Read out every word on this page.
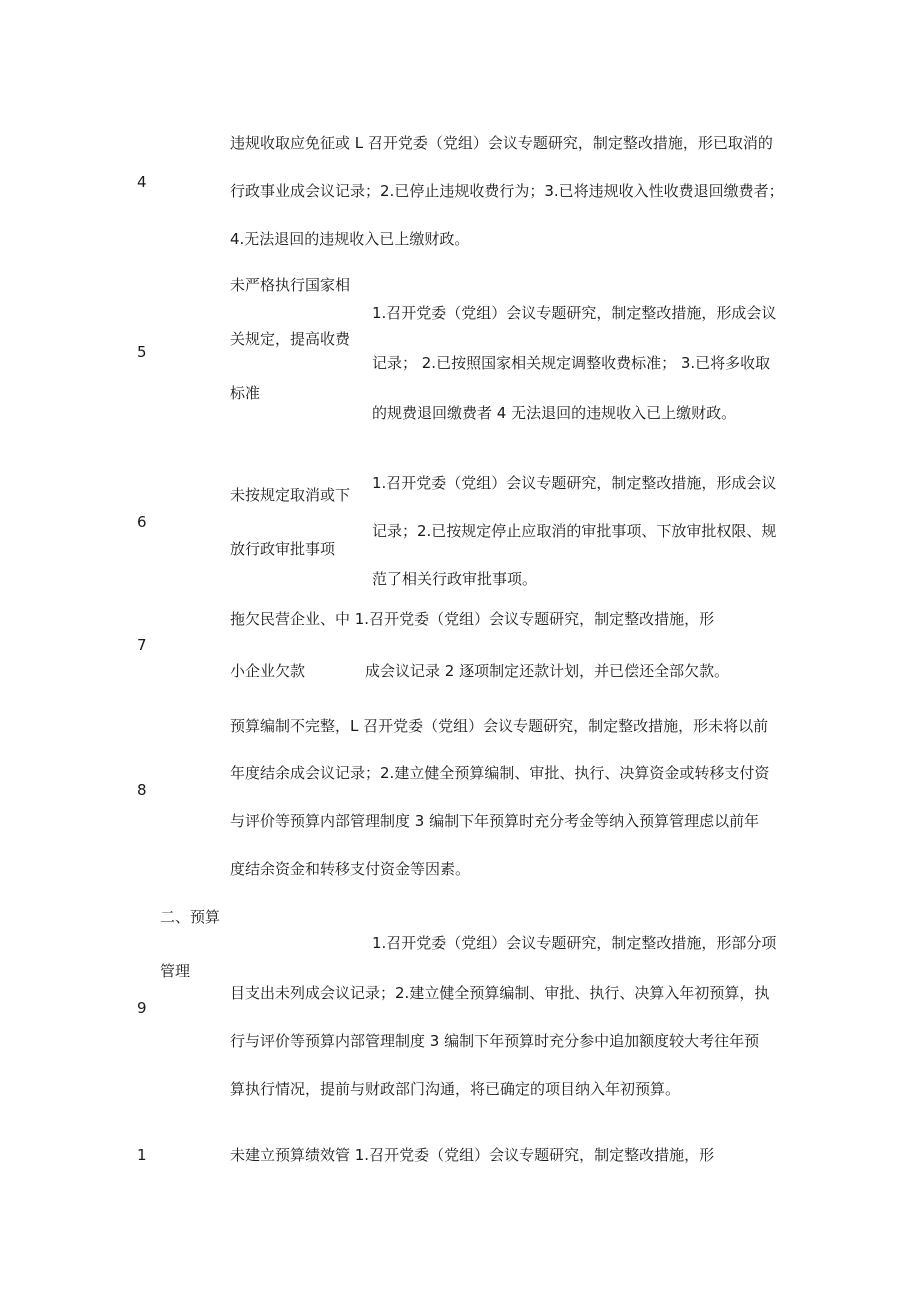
4

违规收取应免征或 L 召开党委（党组）会议专题研究，制定整改措施，形已取消的

行政事业成会议记录；2.已停止违规收费行为；3.已将违规收入性收费退回缴费者；

4.无法退回的违规收入已上缴财政。

5

未严格执行国家相

关规定，提高收费

标准

1.召开党委（党组）会议专题研究，制定整改措施，形成会议

记录； 2.已按照国家相关规定调整收费标准； 3.已将多收取

的规费退回缴费者 4 无法退回的违规收入已上缴财政。

6

未按规定取消或下

放行政审批事项

1.召开党委（党组）会议专题研究，制定整改措施，形成会议

记录；2.已按规定停止应取消的审批事项、下放审批权限、规

范了相关行政审批事项。

7

拖欠民营企业、中 1.召开党委（党组）会议专题研究，制定整改措施，形

小企业欠款	成会议记录 2 逐项制定还款计划，并已偿还全部欠款。

8

预算编制不完整，L 召开党委（党组）会议专题研究，制定整改措施，形未将以前

年度结余成会议记录；2.建立健全预算编制、审批、执行、决算资金或转移支付资

与评价等预算内部管理制度 3 编制下年预算时充分考金等纳入预算管理虑以前年

度结余资金和转移支付资金等因素。

二、预算

管理

9

1.召开党委（党组）会议专题研究，制定整改措施，形部分项

目支出未列成会议记录；2.建立健全预算编制、审批、执行、决算入年初预算，执

行与评价等预算内部管理制度 3 编制下年预算时充分参中追加额度较大考往年预

算执行情况，提前与财政部门沟通，将已确定的项目纳入年初预算。

1	未建立预算绩效管 1.召开党委（党组）会议专题研究，制定整改措施，形
